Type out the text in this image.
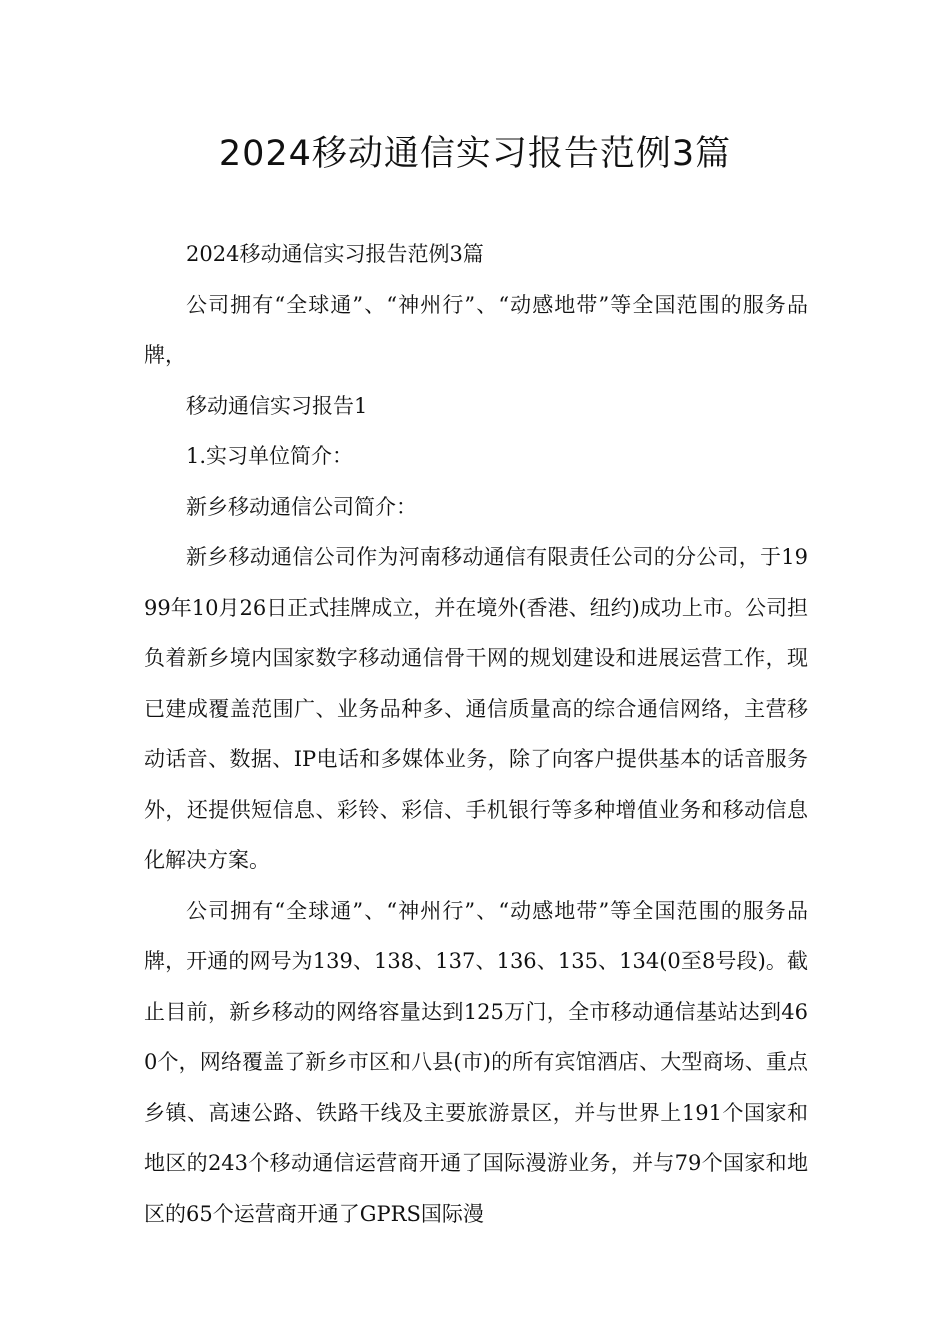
2024移动通信实习报告范例3篇

2024移动通信实习报告范例3篇

公司拥有“全球通”、“神州行”、“动感地带”等全国范围的服务品牌，

移动通信实习报告1

1.实习单位简介：

新乡移动通信公司简介：

新乡移动通信公司作为河南移动通信有限责任公司的分公司，于1999年10月26日正式挂牌成立，并在境外(香港、纽约)成功上市。公司担负着新乡境内国家数字移动通信骨干网的规划建设和进展运营工作，现已建成覆盖范围广、业务品种多、通信质量高的综合通信网络，主营移动话音、数据、IP电话和多媒体业务，除了向客户提供基本的话音服务外，还提供短信息、彩铃、彩信、手机银行等多种增值业务和移动信息化解决方案。

公司拥有“全球通”、“神州行”、“动感地带”等全国范围的服务品牌，开通的网号为139、138、137、136、135、134(0至8号段)。截止目前，新乡移动的网络容量达到125万门，全市移动通信基站达到460个，网络覆盖了新乡市区和八县(市)的所有宾馆酒店、大型商场、重点乡镇、高速公路、铁路干线及主要旅游景区，并与世界上191个国家和地区的243个移动通信运营商开通了国际漫游业务，并与79个国家和地区的65个运营商开通了GPRS国际漫
